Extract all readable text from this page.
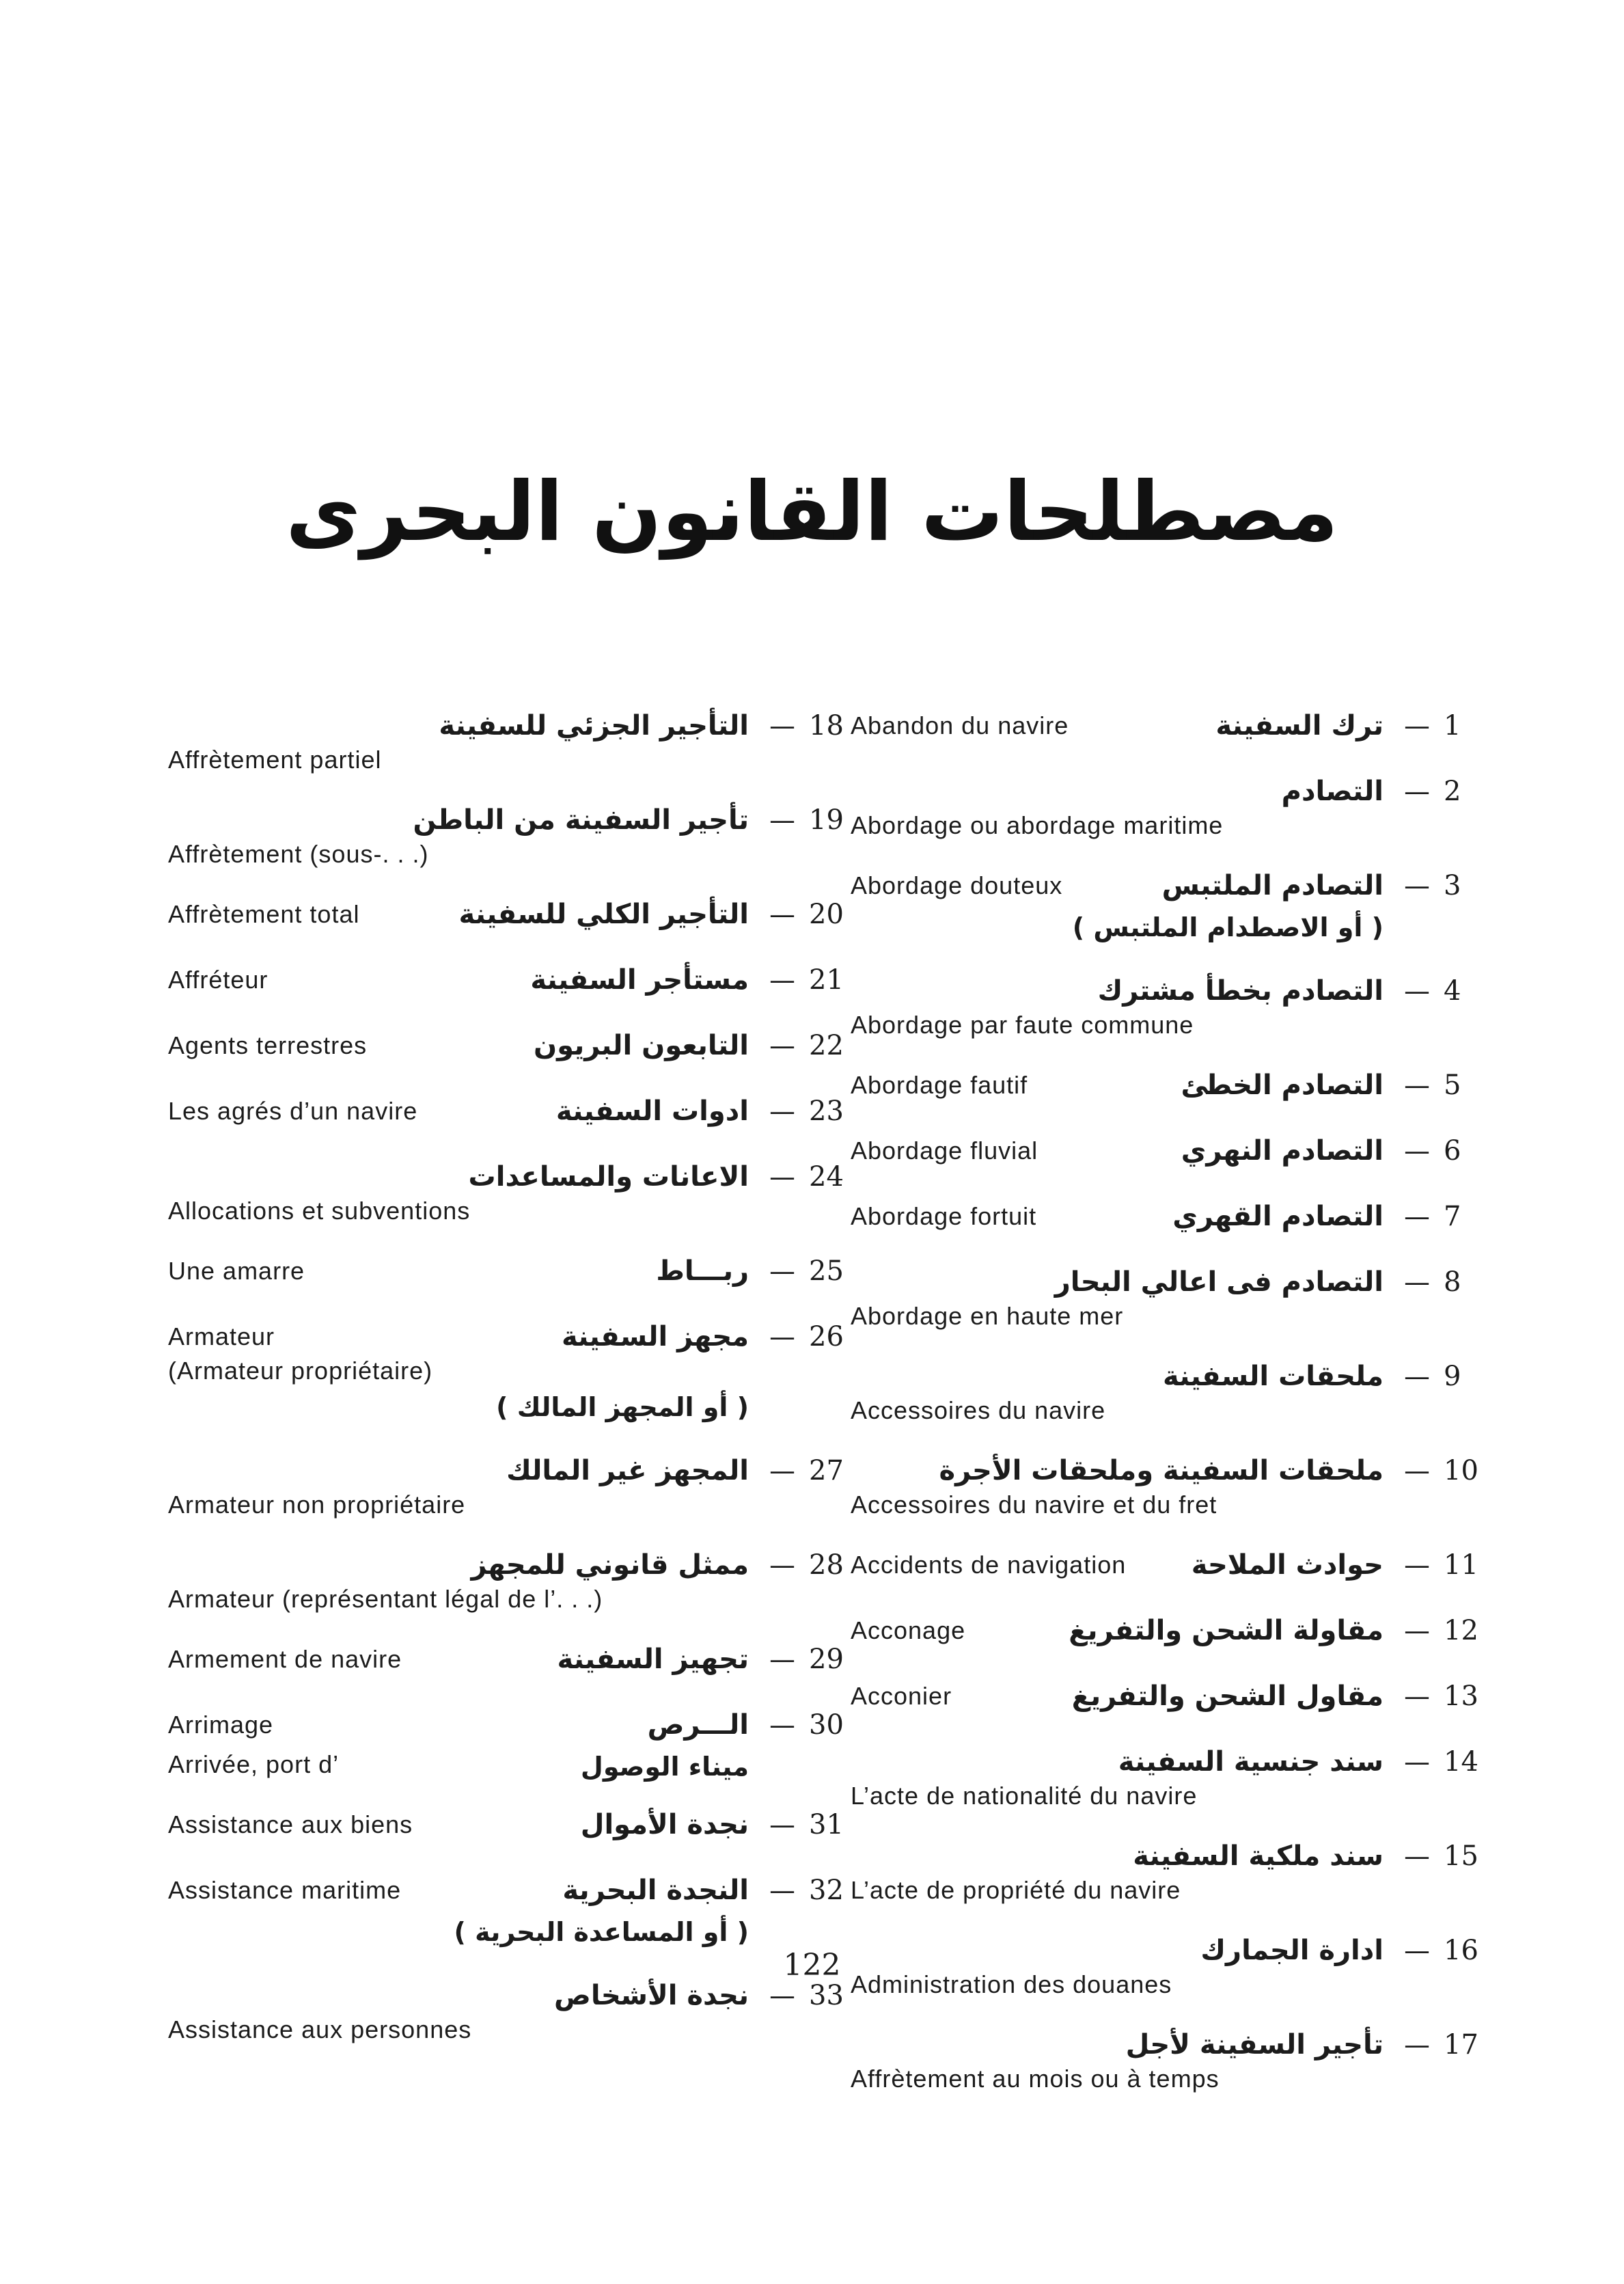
مصطلحات القانون البحرى
Abandon du navire	ترك السفينة — 1
التصادم — 2
Abordage ou abordage maritime
Abordage douteux	التصادم الملتبس — 3
( أو الاصطدام الملتبس )
التصادم بخطأ مشترك — 4
Abordage par faute commune
Abordage fautif	التصادم الخطئ — 5
Abordage fluvial	التصادم النهري — 6
Abordage fortuit	التصادم القهري — 7
التصادم فى اعالي البحار — 8
Abordage en haute mer
ملحقات السفينة — 9
Accessoires du navire
ملحقات السفينة وملحقات الأجرة — 10
Accessoires du navire et du fret
Accidents de navigation حوادث الملاحة — 11
Acconage	مقاولة الشحن والتفريغ — 12
Acconier	مقاول الشحن والتفريغ — 13
سند جنسية السفينة — 14
L’acte de nationalité du navire
سند ملكية السفينة — 15
L’acte de propriété du navire
ادارة الجمارك — 16
Administration des douanes
تأجير السفينة لأجل — 17
Affrètement au mois ou à temps
التأجير الجزئي للسفينة — 18
Affrètement partiel
تأجير السفينة من الباطن — 19
Affrètement (sous-. . .)
Affrètement total	التأجير الكلي للسفينة — 20
Affréteur	مستأجر السفينة — 21
Agents terrestres	التابعون البريون — 22
Les agrés d’un navire	ادوات السفينة — 23
الاعانات والمساعدات — 24
Allocations et subventions
Une amarre	ربـــاط — 25
Armateur	مجهز السفينة — 26
(Armateur propriétaire)
( أو المجهز المالك )
المجهز غير المالك — 27
Armateur non propriétaire
ممثل قانوني للمجهز — 28
Armateur (représentant légal de l’. . .)
Armement de navire	تجهيز السفينة — 29
Arrimage	الـــرص — 30
ميناء الوصول
Arrivée, port d’
Assistance aux biens	نجدة الأموال — 31
Assistance maritime	النجدة البحرية — 32
( أو المساعدة البحرية )
نجدة الأشخاص — 33
Assistance aux personnes
122
